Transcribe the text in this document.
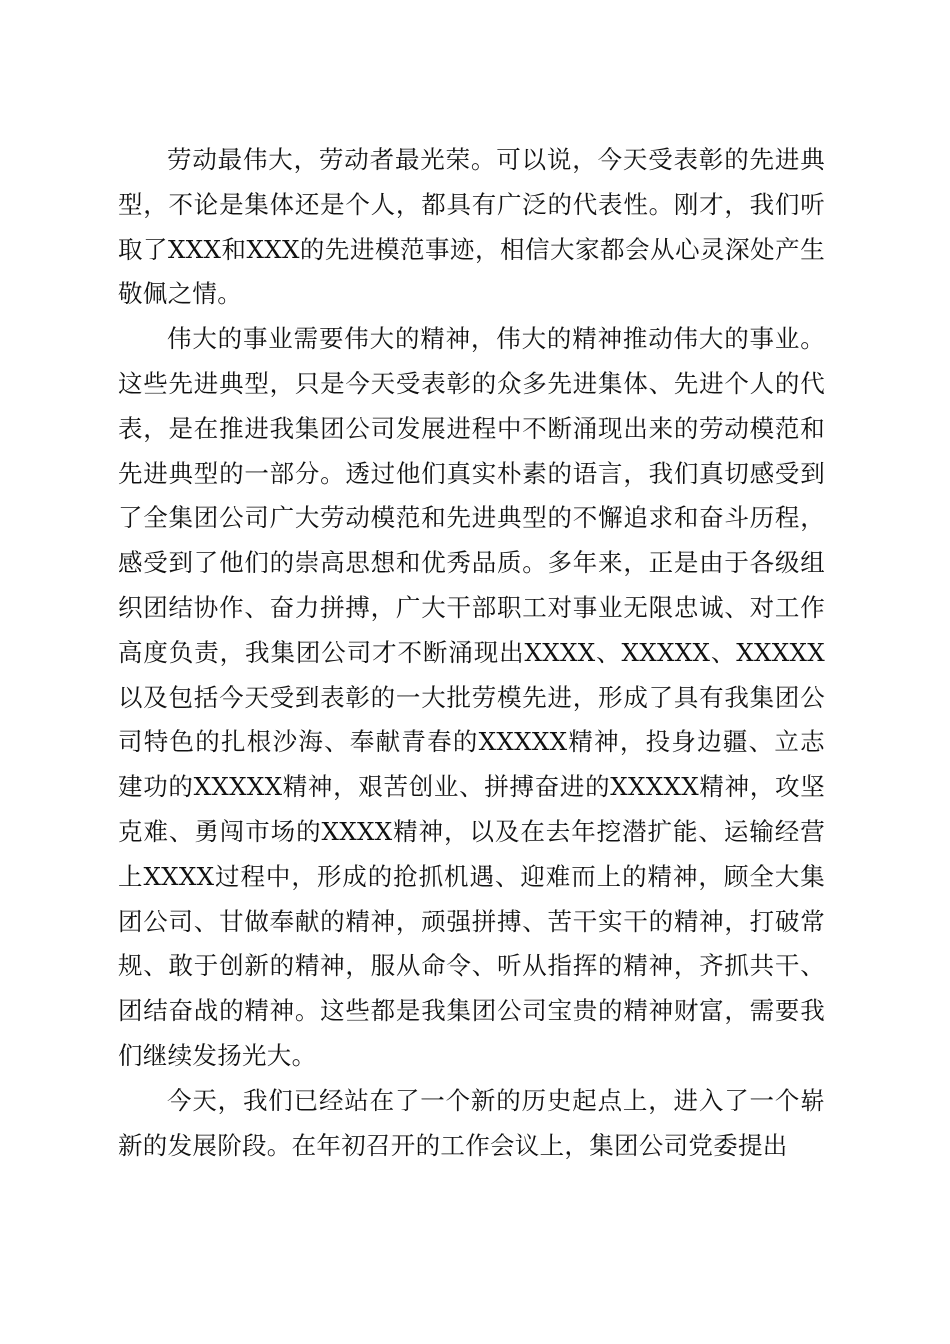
劳动最伟大，劳动者最光荣。可以说，今天受表彰的先进典型，不论是集体还是个人，都具有广泛的代表性。刚才，我们听取了XXX和XXX的先进模范事迹，相信大家都会从心灵深处产生敬佩之情。

伟大的事业需要伟大的精神，伟大的精神推动伟大的事业。这些先进典型，只是今天受表彰的众多先进集体、先进个人的代表，是在推进我集团公司发展进程中不断涌现出来的劳动模范和先进典型的一部分。透过他们真实朴素的语言，我们真切感受到了全集团公司广大劳动模范和先进典型的不懈追求和奋斗历程，感受到了他们的崇高思想和优秀品质。多年来，正是由于各级组织团结协作、奋力拼搏，广大干部职工对事业无限忠诚、对工作高度负责，我集团公司才不断涌现出XXXX、XXXXX、XXXXX以及包括今天受到表彰的一大批劳模先进，形成了具有我集团公司特色的扎根沙海、奉献青春的XXXXX精神，投身边疆、立志建功的XXXXX精神，艰苦创业、拼搏奋进的XXXXX精神，攻坚克难、勇闯市场的XXXX精神，以及在去年挖潜扩能、运输经营上XXXX过程中，形成的抢抓机遇、迎难而上的精神，顾全大集团公司、甘做奉献的精神，顽强拼搏、苦干实干的精神，打破常规、敢于创新的精神，服从命令、听从指挥的精神，齐抓共干、团结奋战的精神。这些都是我集团公司宝贵的精神财富，需要我们继续发扬光大。

今天，我们已经站在了一个新的历史起点上，进入了一个崭新的发展阶段。在年初召开的工作会议上，集团公司党委提出
